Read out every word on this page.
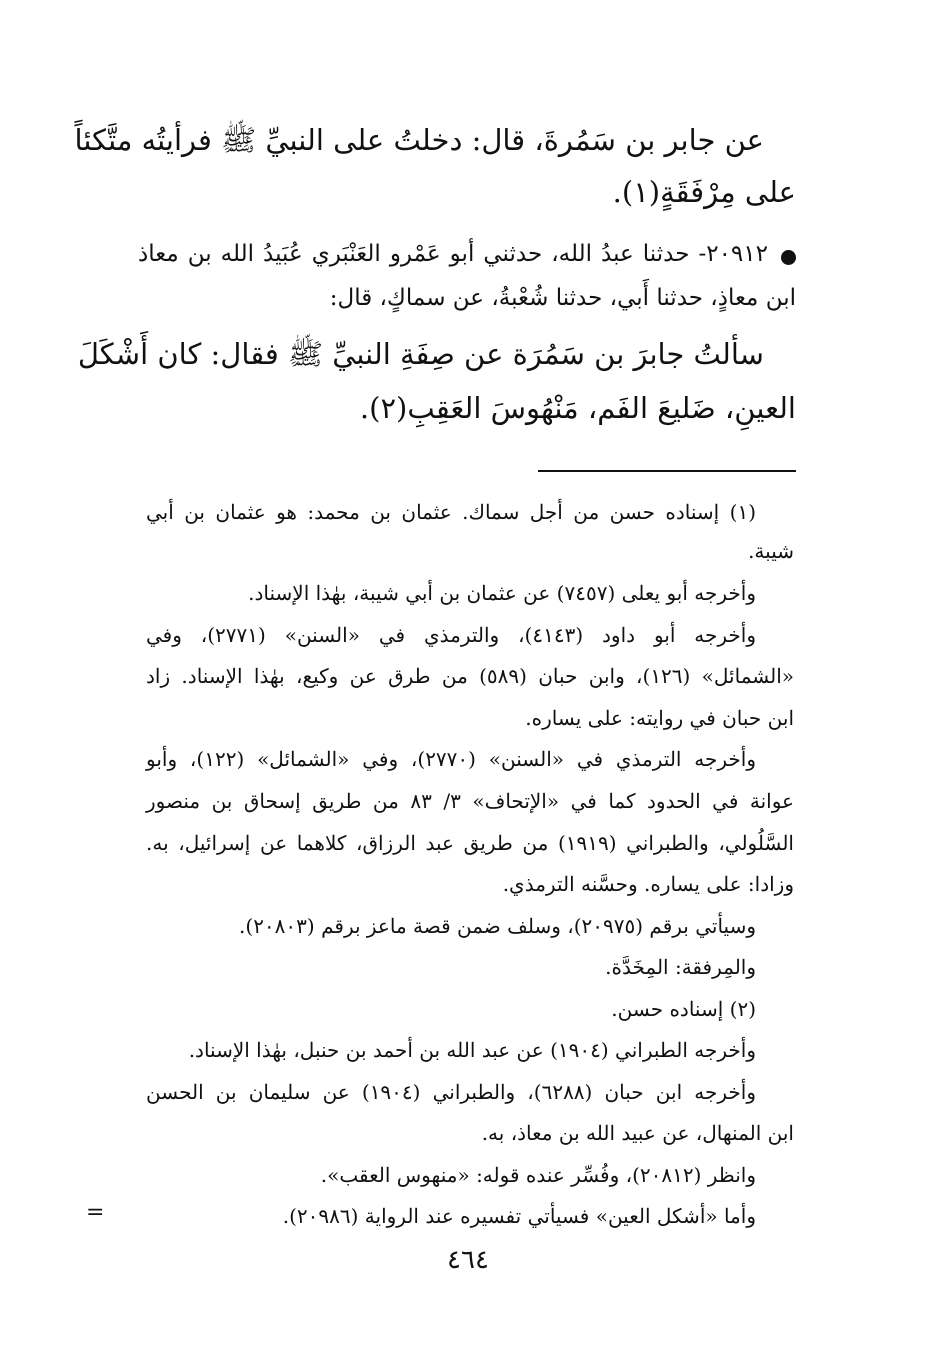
عن جابر بن سَمُرةَ، قال: دخلتُ على النبيِّ ﷺ فرأيتُه متَّكئاً

على مِرْفَقَةٍ(١).

٢٠٩١٢- حدثنا عبدُ الله، حدثني أبو عَمْرو العَنْبَري عُبَيدُ الله بن معاذ

ابن معاذٍ، حدثنا أَبي، حدثنا شُعْبةُ، عن سماكٍ، قال:

سألتُ جابرَ بن سَمُرَة عن صِفَةِ النبيِّ ﷺ فقال: كان أَشْكَلَ

العينِ، ضَليعَ الفَم، مَنْهُوسَ العَقِبِ(٢).

(١) إسناده حسن من أجل سماك. عثمان بن محمد: هو عثمان بن أبي

شيبة.

وأخرجه أبو يعلى (٧٤٥٧) عن عثمان بن أبي شيبة، بهٰذا الإسناد.

وأخرجه أبو داود (٤١٤٣)، والترمذي في «السنن» (٢٧٧١)، وفي

«الشمائل» (١٢٦)، وابن حبان (٥٨٩) من طرق عن وكيع، بهٰذا الإسناد. زاد

ابن حبان في روايته: على يساره.

وأخرجه الترمذي في «السنن» (٢٧٧٠)، وفي «الشمائل» (١٢٢)، وأبو

عوانة في الحدود كما في «الإتحاف» ٣/ ٨٣ من طريق إسحاق بن منصور

السَّلُولي، والطبراني (١٩١٩) من طريق عبد الرزاق، كلاهما عن إسرائيل، به.

وزادا: على يساره. وحسَّنه الترمذي.

وسيأتي برقم (٢٠٩٧٥)، وسلف ضمن قصة ماعز برقم (٢٠٨٠٣).

والمِرفقة: المِخَدَّة.

(٢) إسناده حسن.

وأخرجه الطبراني (١٩٠٤) عن عبد الله بن أحمد بن حنبل، بهٰذا الإسناد.

وأخرجه ابن حبان (٦٢٨٨)، والطبراني (١٩٠٤) عن سليمان بن الحسن

ابن المنهال، عن عبيد الله بن معاذ، به.

وانظر (٢٠٨١٢)، وفُسِّر عنده قوله: «منهوس العقب».

وأما «أشكل العين» فسيأتي تفسيره عند الرواية (٢٠٩٨٦).

=
٤٦٤
